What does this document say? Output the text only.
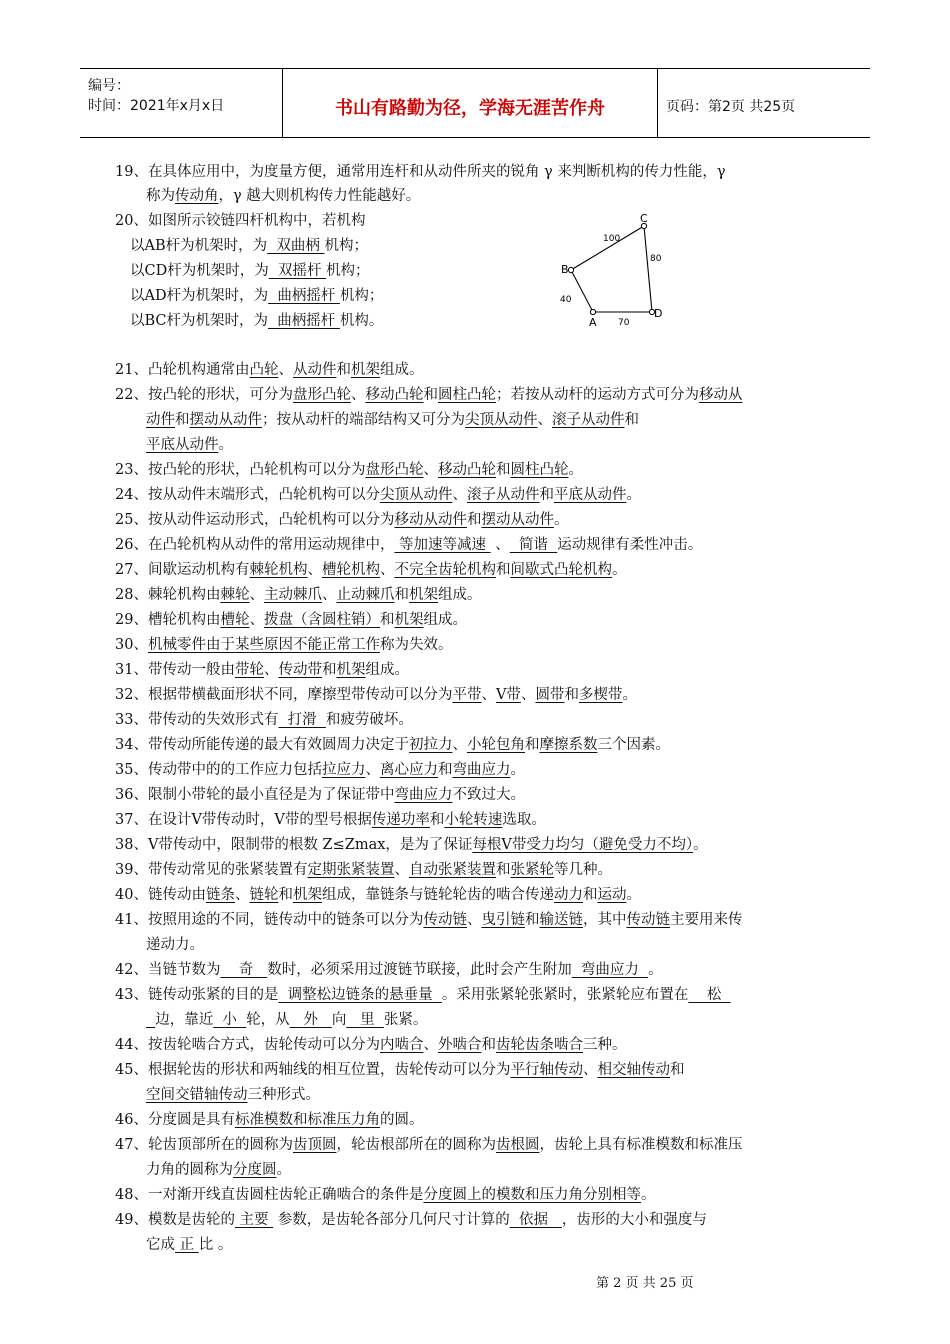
编号：
时间：2021年x月x日	书山有路勤为径，学海无涯苦作舟	页码：第2页 共25页
19、在具体应用中，为度量方便，通常用连杆和从动件所夹的锐角 γ 来判断机构的传力性能，γ
称为传动角，γ 越大则机构传力性能越好。
20、如图所示铰链四杆机构中，若机构
以AB杆为机架时，为  双曲柄 机构；
以CD杆为机架时，为  双摇杆 机构；
以AD杆为机架时，为  曲柄摇杆 机构；
以BC杆为机架时，为  曲柄摇杆 机构。
C
B
A
D
100
80
40
70
21、凸轮机构通常由凸轮、从动件和机架组成。
22、按凸轮的形状，可分为盘形凸轮、移动凸轮和圆柱凸轮；若按从动杆的运动方式可分为移动从
动件和摆动从动件；按从动杆的端部结构又可分为尖顶从动件、滚子从动件和
平底从动件。
23、按凸轮的形状，凸轮机构可以分为盘形凸轮、移动凸轮和圆柱凸轮。
24、按从动件末端形式，凸轮机构可以分尖顶从动件、滚子从动件和平底从动件。
25、按从动件运动形式，凸轮机构可以分为移动从动件和摆动从动件。
26、在凸轮机构从动件的常用运动规律中， 等加速等减速  、  简谐  运动规律有柔性冲击。
27、间歇运动机构有棘轮机构、槽轮机构、不完全齿轮机构和间歇式凸轮机构。
28、棘轮机构由棘轮、主动棘爪、止动棘爪和机架组成。
29、槽轮机构由槽轮、拨盘（含圆柱销）和机架组成。
30、机械零件由于某些原因不能正常工作称为失效。
31、带传动一般由带轮、传动带和机架组成。
32、根据带横截面形状不同，摩擦型带传动可以分为平带、V带、圆带和多楔带。
33、带传动的失效形式有  打滑  和疲劳破坏。
34、带传动所能传递的最大有效圆周力决定于初拉力、小轮包角和摩擦系数三个因素。
35、传动带中的的工作应力包括拉应力、离心应力和弯曲应力。
36、限制小带轮的最小直径是为了保证带中弯曲应力不致过大。
37、在设计V带传动时，V带的型号根据传递功率和小轮转速选取。
38、V带传动中，限制带的根数 Z≤Zmax，是为了保证每根V带受力均匀（避免受力不均）。
39、带传动常见的张紧装置有定期张紧装置、自动张紧装置和张紧轮等几种。
40、链传动由链条、链轮和机架组成，靠链条与链轮轮齿的啮合传递动力和运动。
41、按照用途的不同，链传动中的链条可以分为传动链、曳引链和输送链，其中传动链主要用来传
递动力。
42、当链节数为    奇   数时，必须采用过渡链节联接，此时会产生附加  弯曲应力  。
43、链传动张紧的目的是  调整松边链条的悬垂量  。采用张紧轮张紧时，张紧轮应布置在    松
边，靠近  小  轮，从   外   向   里  张紧。
44、按齿轮啮合方式，齿轮传动可以分为内啮合、外啮合和齿轮齿条啮合三种。
45、根据轮齿的形状和两轴线的相互位置，齿轮传动可以分为平行轴传动、相交轴传动和
空间交错轴传动三种形式。
46、分度圆是具有标准模数和标准压力角的圆。
47、轮齿顶部所在的圆称为齿顶圆，轮齿根部所在的圆称为齿根圆，齿轮上具有标准模数和标准压
力角的圆称为分度圆。
48、一对渐开线直齿圆柱齿轮正确啮合的条件是分度圆上的模数和压力角分别相等。
49、模数是齿轮的 主要  参数，是齿轮各部分几何尺寸计算的  依据   ，齿形的大小和强度与
它成 正 比 。
第 2 页 共 25 页
